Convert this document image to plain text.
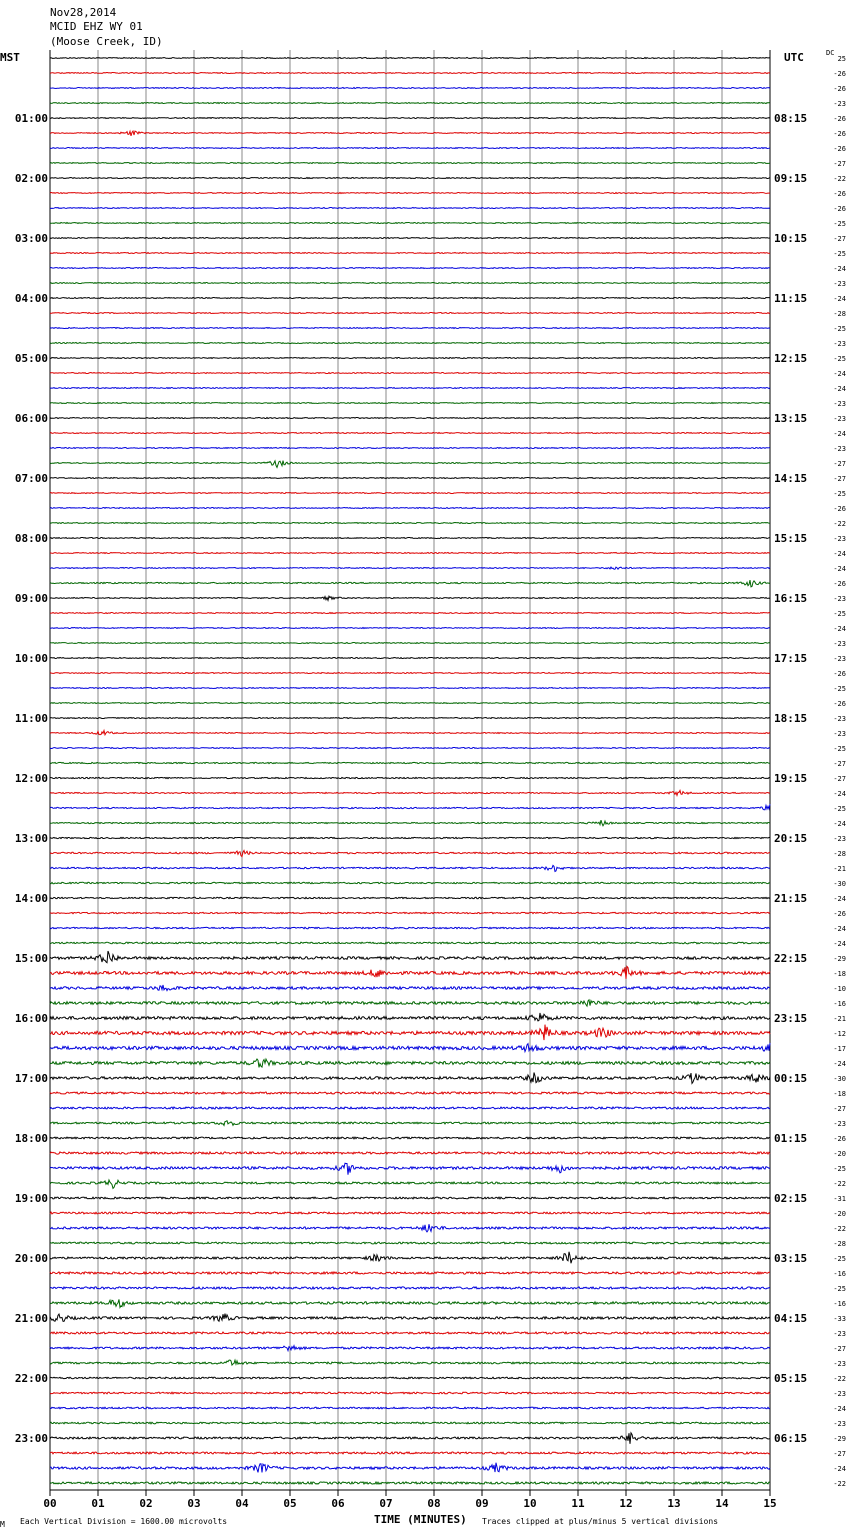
Nov28,2014
MCID EHZ WY 01
(Moose Creek, ID)
MST	UTC	DC
25
-26
-26
-23
-26
-26
-26
-27
01:00	08:15
-22
-26
-26
-25
02:00	09:15
-27
-25
-24
-23
03:00	10:15
-24
-28
-25
-23
04:00	11:15
-25
-24
-24
-23
05:00	12:15
-23
-24
-23
-27
06:00	13:15
-27
-25
-26
-22
07:00	14:15
-23
-24
-24
-26
08:00	15:15
-23
-25
-24
-23
09:00	16:15
-23
-26
-25
-26
10:00	17:15
-23
-23
-25
-27
11:00	18:15
-27
-24
-25
-24
12:00	19:15
-23
-28
-21
-30
13:00	20:15
-24
-26
-24
-24
14:00	21:15
-29
-18
-10
-16
15:00	22:15
-21
-12
-17
-24
16:00	23:15
-30
-18
-27
-23
17:00	00:15
-26
-20
-25
-22
18:00	01:15
-31
-20
-22
-28
19:00	02:15
-25
-16
-25
-16
20:00	03:15
-33
-23
-27
-23
21:00	04:15
-22
-23
-24
-23
22:00	05:15
-29
-27
-24
-22
23:00	06:15
00	01	02	03	04	05	06	07	08	09	10	11	12	13	14	15
M Each Vertical Division = 1600.00 microvolts	TIME (MINUTES) Traces clipped at plus/minus 5 vertical divisions
